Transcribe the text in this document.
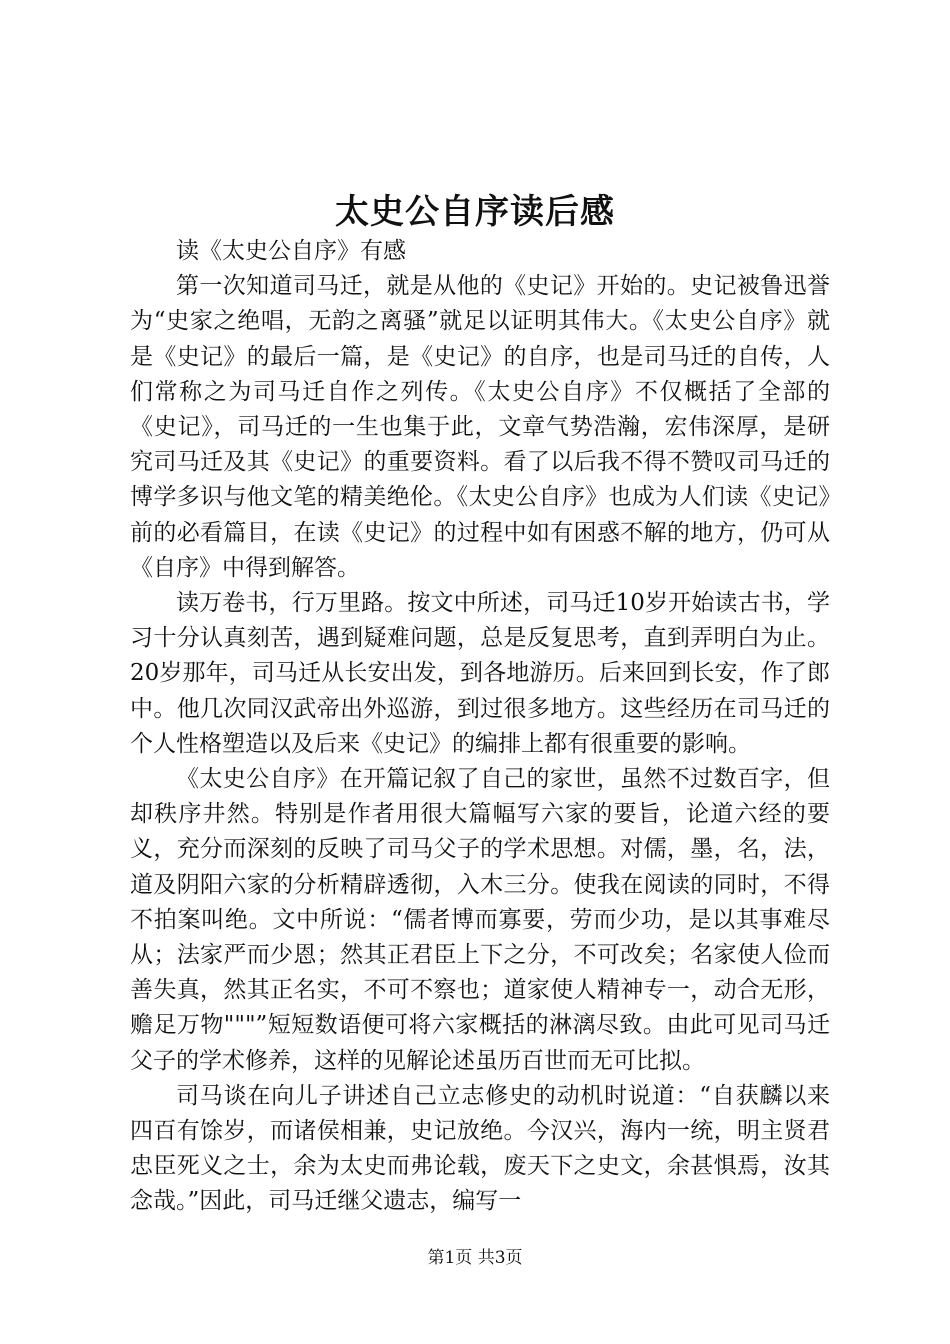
太史公自序读后感

读《太史公自序》有感

第一次知道司马迁，就是从他的《史记》开始的。史记被鲁迅誉为“史家之绝唱，无韵之离骚”就足以证明其伟大。《太史公自序》就是《史记》的最后一篇，是《史记》的自序，也是司马迁的自传，人们常称之为司马迁自作之列传。《太史公自序》不仅概括了全部的《史记》，司马迁的一生也集于此，文章气势浩瀚，宏伟深厚，是研究司马迁及其《史记》的重要资料。看了以后我不得不赞叹司马迁的博学多识与他文笔的精美绝伦。《太史公自序》也成为人们读《史记》前的必看篇目，在读《史记》的过程中如有困惑不解的地方，仍可从《自序》中得到解答。

读万卷书，行万里路。按文中所述，司马迁10岁开始读古书，学习十分认真刻苦，遇到疑难问题，总是反复思考，直到弄明白为止。20岁那年，司马迁从长安出发，到各地游历。后来回到长安，作了郎中。他几次同汉武帝出外巡游，到过很多地方。这些经历在司马迁的个人性格塑造以及后来《史记》的编排上都有很重要的影响。

《太史公自序》在开篇记叙了自己的家世，虽然不过数百字，但却秩序井然。特别是作者用很大篇幅写六家的要旨，论道六经的要义，充分而深刻的反映了司马父子的学术思想。对儒，墨，名，法，道及阴阳六家的分析精辟透彻，入木三分。使我在阅读的同时，不得不拍案叫绝。文中所说：“儒者博而寡要，劳而少功，是以其事难尽从；法家严而少恩；然其正君臣上下之分，不可改矣；名家使人俭而善失真，然其正名实，不可不察也；道家使人精神专一，动合无形，赡足万物"""”短短数语便可将六家概括的淋漓尽致。由此可见司马迁父子的学术修养，这样的见解论述虽历百世而无可比拟。

司马谈在向儿子讲述自己立志修史的动机时说道：“自获麟以来四百有馀岁，而诸侯相兼，史记放绝。今汉兴，海内一统，明主贤君忠臣死义之士，余为太史而弗论载，废天下之史文，余甚惧焉，汝其念哉。”因此，司马迁继父遗志，编写一

第1页 共3页
